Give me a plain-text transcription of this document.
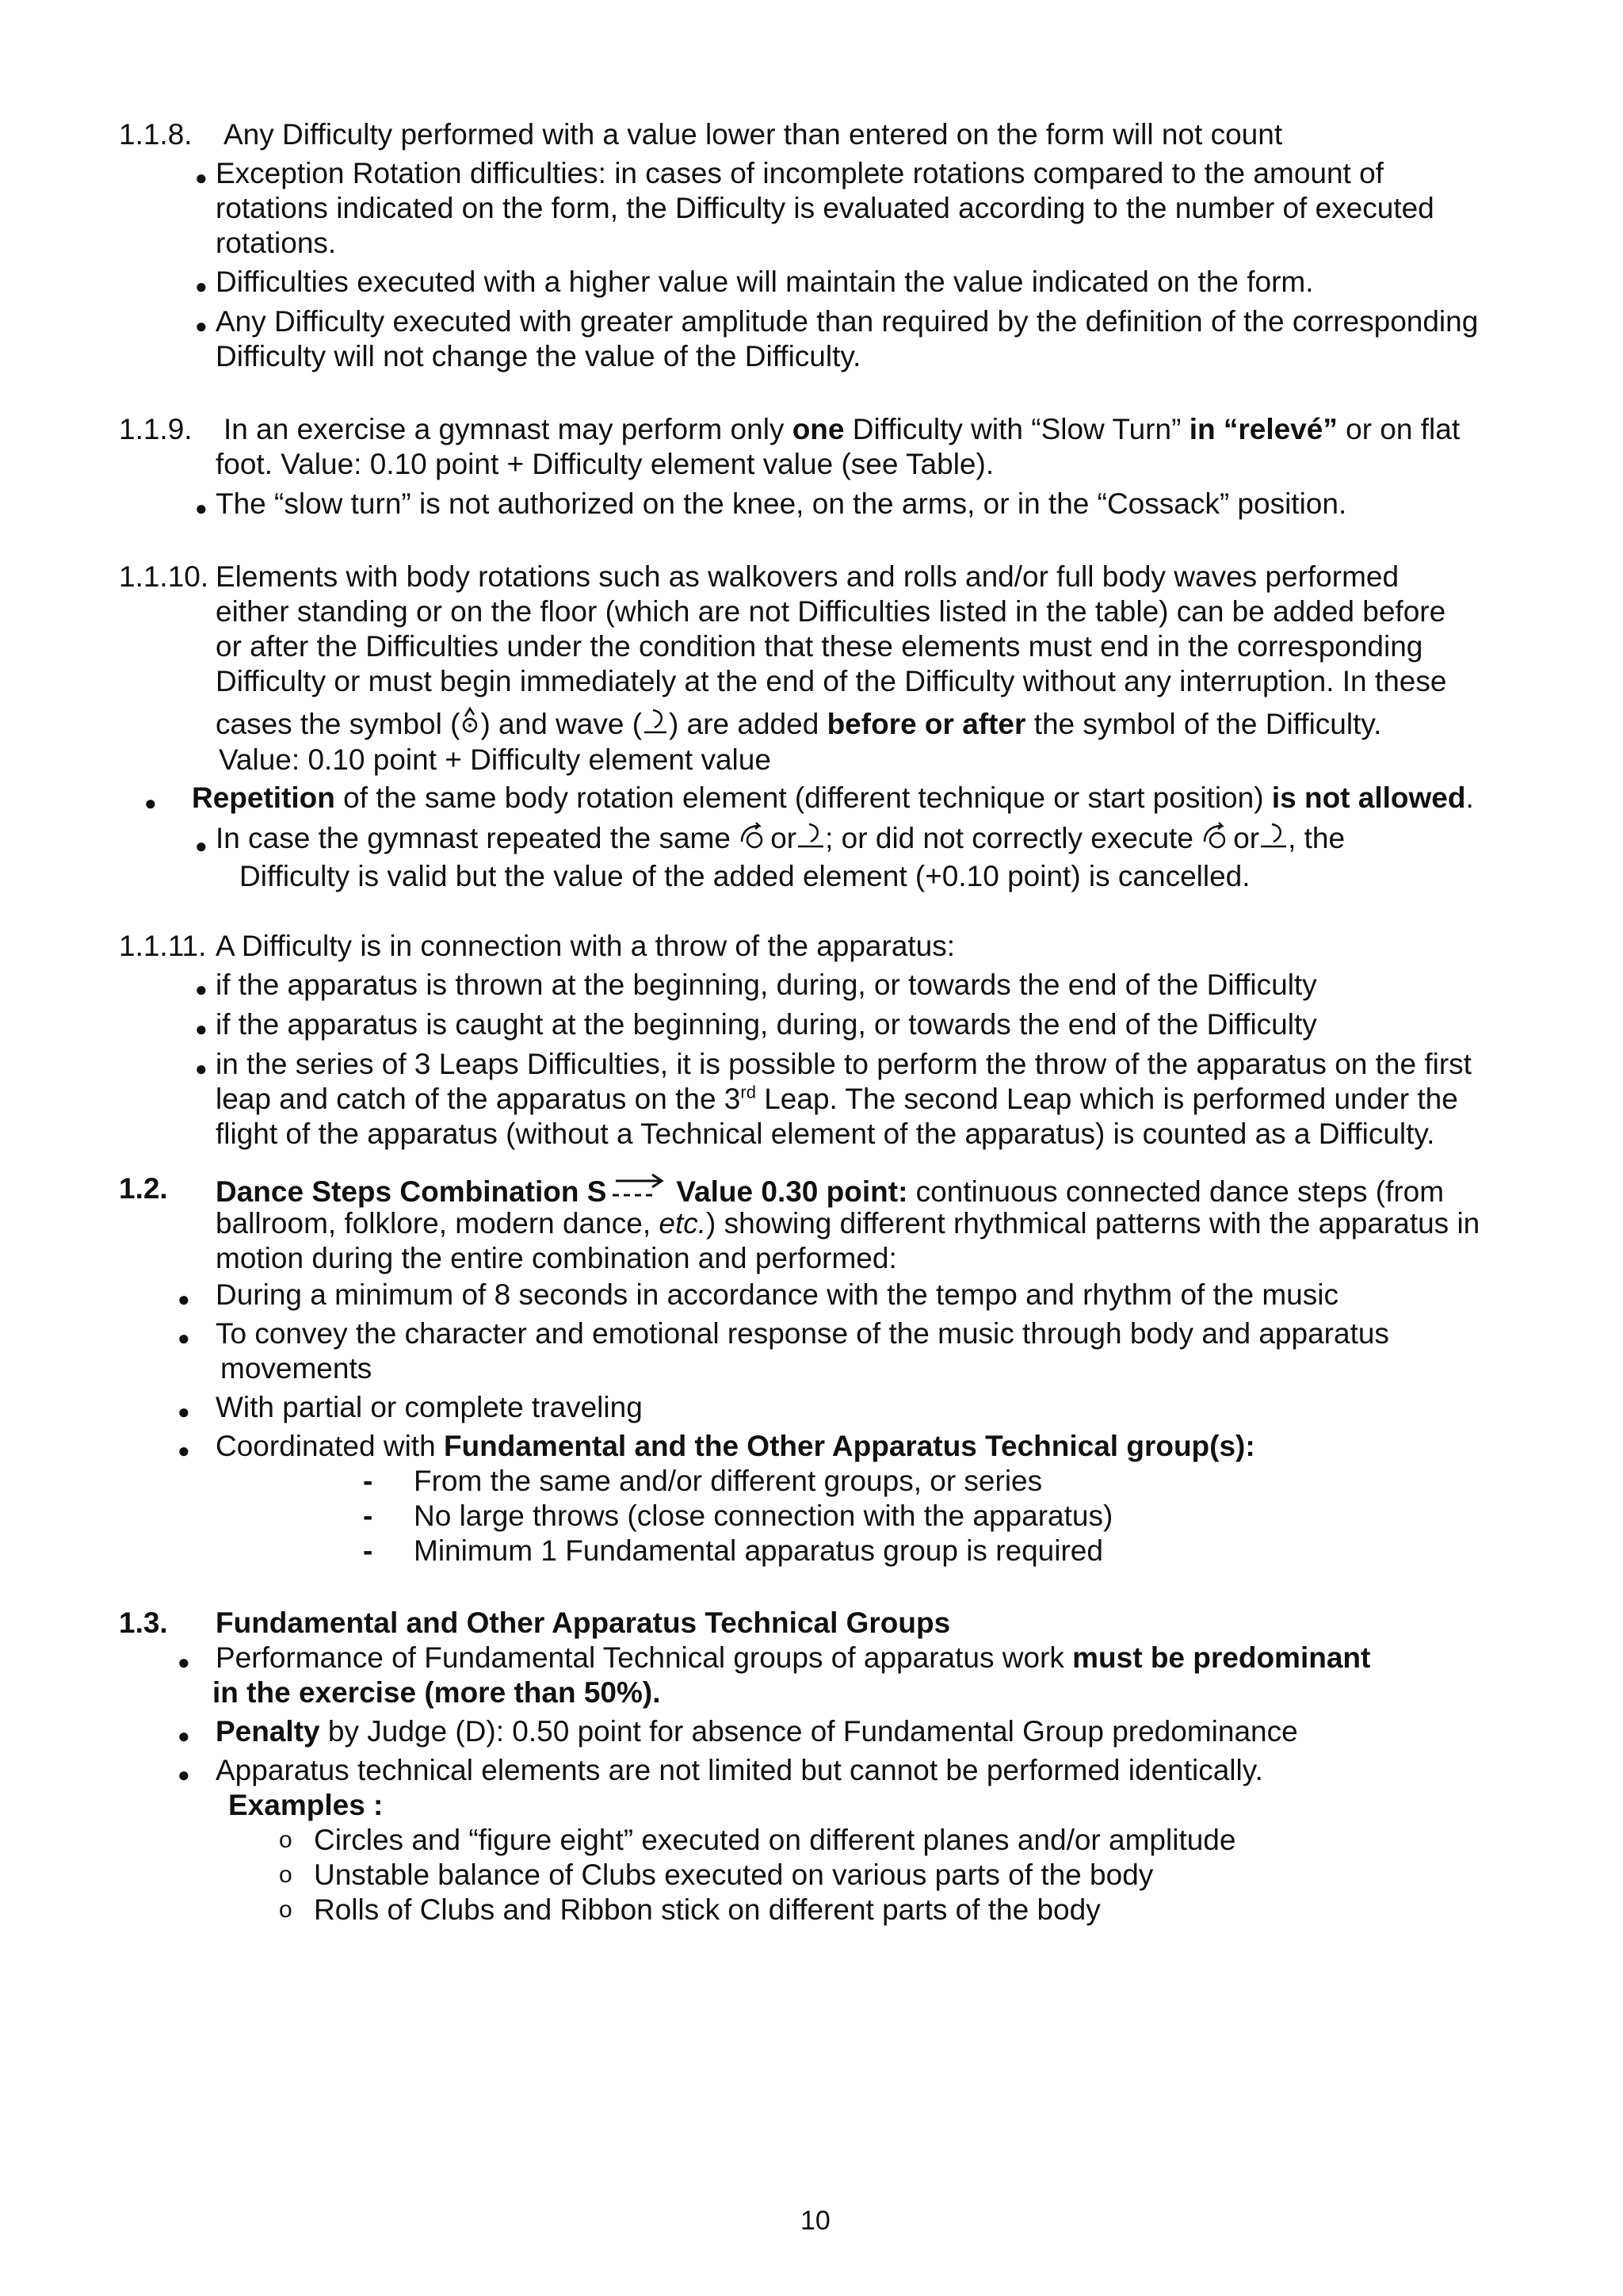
1.1.8. Any Difficulty performed with a value lower than entered on the form will not count
● Exception Rotation difficulties: in cases of incomplete rotations compared to the amount of
rotations indicated on the form, the Difficulty is evaluated according to the number of executed
rotations.
● Difficulties executed with a higher value will maintain the value indicated on the form.
● Any Difficulty executed with greater amplitude than required by the definition of the corresponding
Difficulty will not change the value of the Difficulty.
1.1.9. In an exercise a gymnast may perform only one Difficulty with “Slow Turn” in “relevé” or on flat
foot. Value: 0.10 point + Difficulty element value (see Table).
● The “slow turn” is not authorized on the knee, on the arms, or in the “Cossack” position.
1.1.10. Elements with body rotations such as walkovers and rolls and/or full body waves performed
either standing or on the floor (which are not Difficulties listed in the table) can be added before
or after the Difficulties under the condition that these elements must end in the corresponding
Difficulty or must begin immediately at the end of the Difficulty without any interruption. In these
cases the symbol ( ) and wave ( ) are added before or after the symbol of the Difficulty.
Value: 0.10 point + Difficulty element value
● Repetition of the same body rotation element (different technique or start position) is not allowed.
● In case the gymnast repeated the same or ; or did not correctly execute or , the
Difficulty is valid but the value of the added element (+0.10 point) is cancelled.
1.1.11. A Difficulty is in connection with a throw of the apparatus:
● if the apparatus is thrown at the beginning, during, or towards the end of the Difficulty
● if the apparatus is caught at the beginning, during, or towards the end of the Difficulty
● in the series of 3 Leaps Difficulties, it is possible to perform the throw of the apparatus on the first
leap and catch of the apparatus on the 3rd Leap. The second Leap which is performed under the
flight of the apparatus (without a Technical element of the apparatus) is counted as a Difficulty.
1.2. Dance Steps Combination S Value 0.30 point: continuous connected dance steps (from
ballroom, folklore, modern dance, etc.) showing different rhythmical patterns with the apparatus in
motion during the entire combination and performed:
● During a minimum of 8 seconds in accordance with the tempo and rhythm of the music
● To convey the character and emotional response of the music through body and apparatus
movements
● With partial or complete traveling
● Coordinated with Fundamental and the Other Apparatus Technical group(s):
- From the same and/or different groups, or series
- No large throws (close connection with the apparatus)
- Minimum 1 Fundamental apparatus group is required
1.3. Fundamental and Other Apparatus Technical Groups
● Performance of Fundamental Technical groups of apparatus work must be predominant
in the exercise (more than 50%).
● Penalty by Judge (D): 0.50 point for absence of Fundamental Group predominance
● Apparatus technical elements are not limited but cannot be performed identically.
Examples :
o Circles and “figure eight” executed on different planes and/or amplitude
o Unstable balance of Clubs executed on various parts of the body
o Rolls of Clubs and Ribbon stick on different parts of the body
10
